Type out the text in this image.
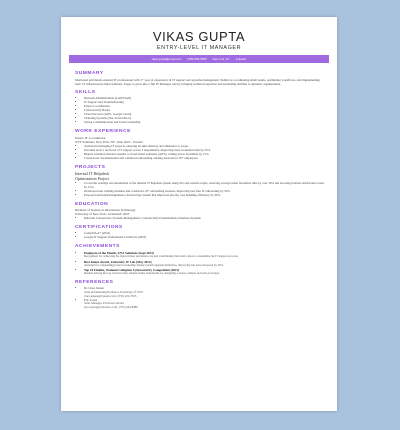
VIKAS GUPTA
ENTRY-LEVEL IT MANAGER
vikas.gupta@email.com (555) 555-5555 New York, NY LinkedIn
SUMMARY
Motivated and detail-oriented IT professional with 1+ year of experience in IT support and systems management. Skilled at coordinating small teams, optimizing workflows, and implementing basic IT infrastructure improvements. Eager to grow into a full IT Manager role by bringing technical expertise and leadership abilities to dynamic organizations.
SKILLS
• Network Administration (LAN/WAN)
• IT Support and Troubleshooting
• Project Coordination
• Cybersecurity Basics
• Cloud Services (AWS, Google Cloud)
• Ticketing Systems (Jira, ServiceNow)
• Strong Communication and Team Leadership
WORK EXPERIENCE
Junior IT Coordinator
XYZ Solutions, New York, NY | June 2023 – Present
• Assisted in managing IT projects, ensuring on-time delivery and adherence to scope.
• Provided level 1 and level 2 IT support across 3 departments, improving issue resolution time by 25%.
• Helped transition internal systems to cloud-based solutions (AWS), cutting server downtime by 15%.
• Created user documentation and conducted onboarding training sessions for 50+ employees.
PROJECTS
Internal IT Helpdesk
Optimization Project
• Co-led the redesign and automation of the internal IT helpdesk system using Jira and custom scripts, reducing average ticket resolution time by over 30% and boosting internal satisfaction scores by 15%.
• Developed user training modules and conducted 10+ onboarding sessions, improving new hire IT onboarding by 50%.
• Proposed and helped implement a tiered triage system that improved priority case handling efficiency by 40%.
EDUCATION
Bachelor of Science in Information Technology
University of New York | Graduated: 2023
• Relevant Coursework: Systems Management, Cybersecurity Fundamentals, Database Systems
CERTIFICATIONS
• CompTIA A+ (2022)
• Google IT Support Professional Certificate (2023)
ACHIEVEMENTS
• Employee of the Month, XYZ Solutions (Sept 2023)
Recognized for achieving the fastest ticket resolution rate and contributing innovative ideas to streamline the IT support process.
• Best Intern Award, University IT Lab (May 2022)
Awarded for outstanding project leadership during system upgrade initiatives, improving lab network speed by 20%.
• Top 10 Finalist, National Collegiate Cybersecurity Competition (2021)
Ranked among the top cybersecurity student teams nationwide for designing a secure campus network prototype.
REFERENCES
• Dr. Clara Jensen
Sales & Marketing Professor, University of XYZ
clara.jensen@xyzedu.com | (555) 222-3333
• Eric Lopez
Sales Manager, Prodvance Retail
eric.lopez@prodvance.com | (555) 444-8989
